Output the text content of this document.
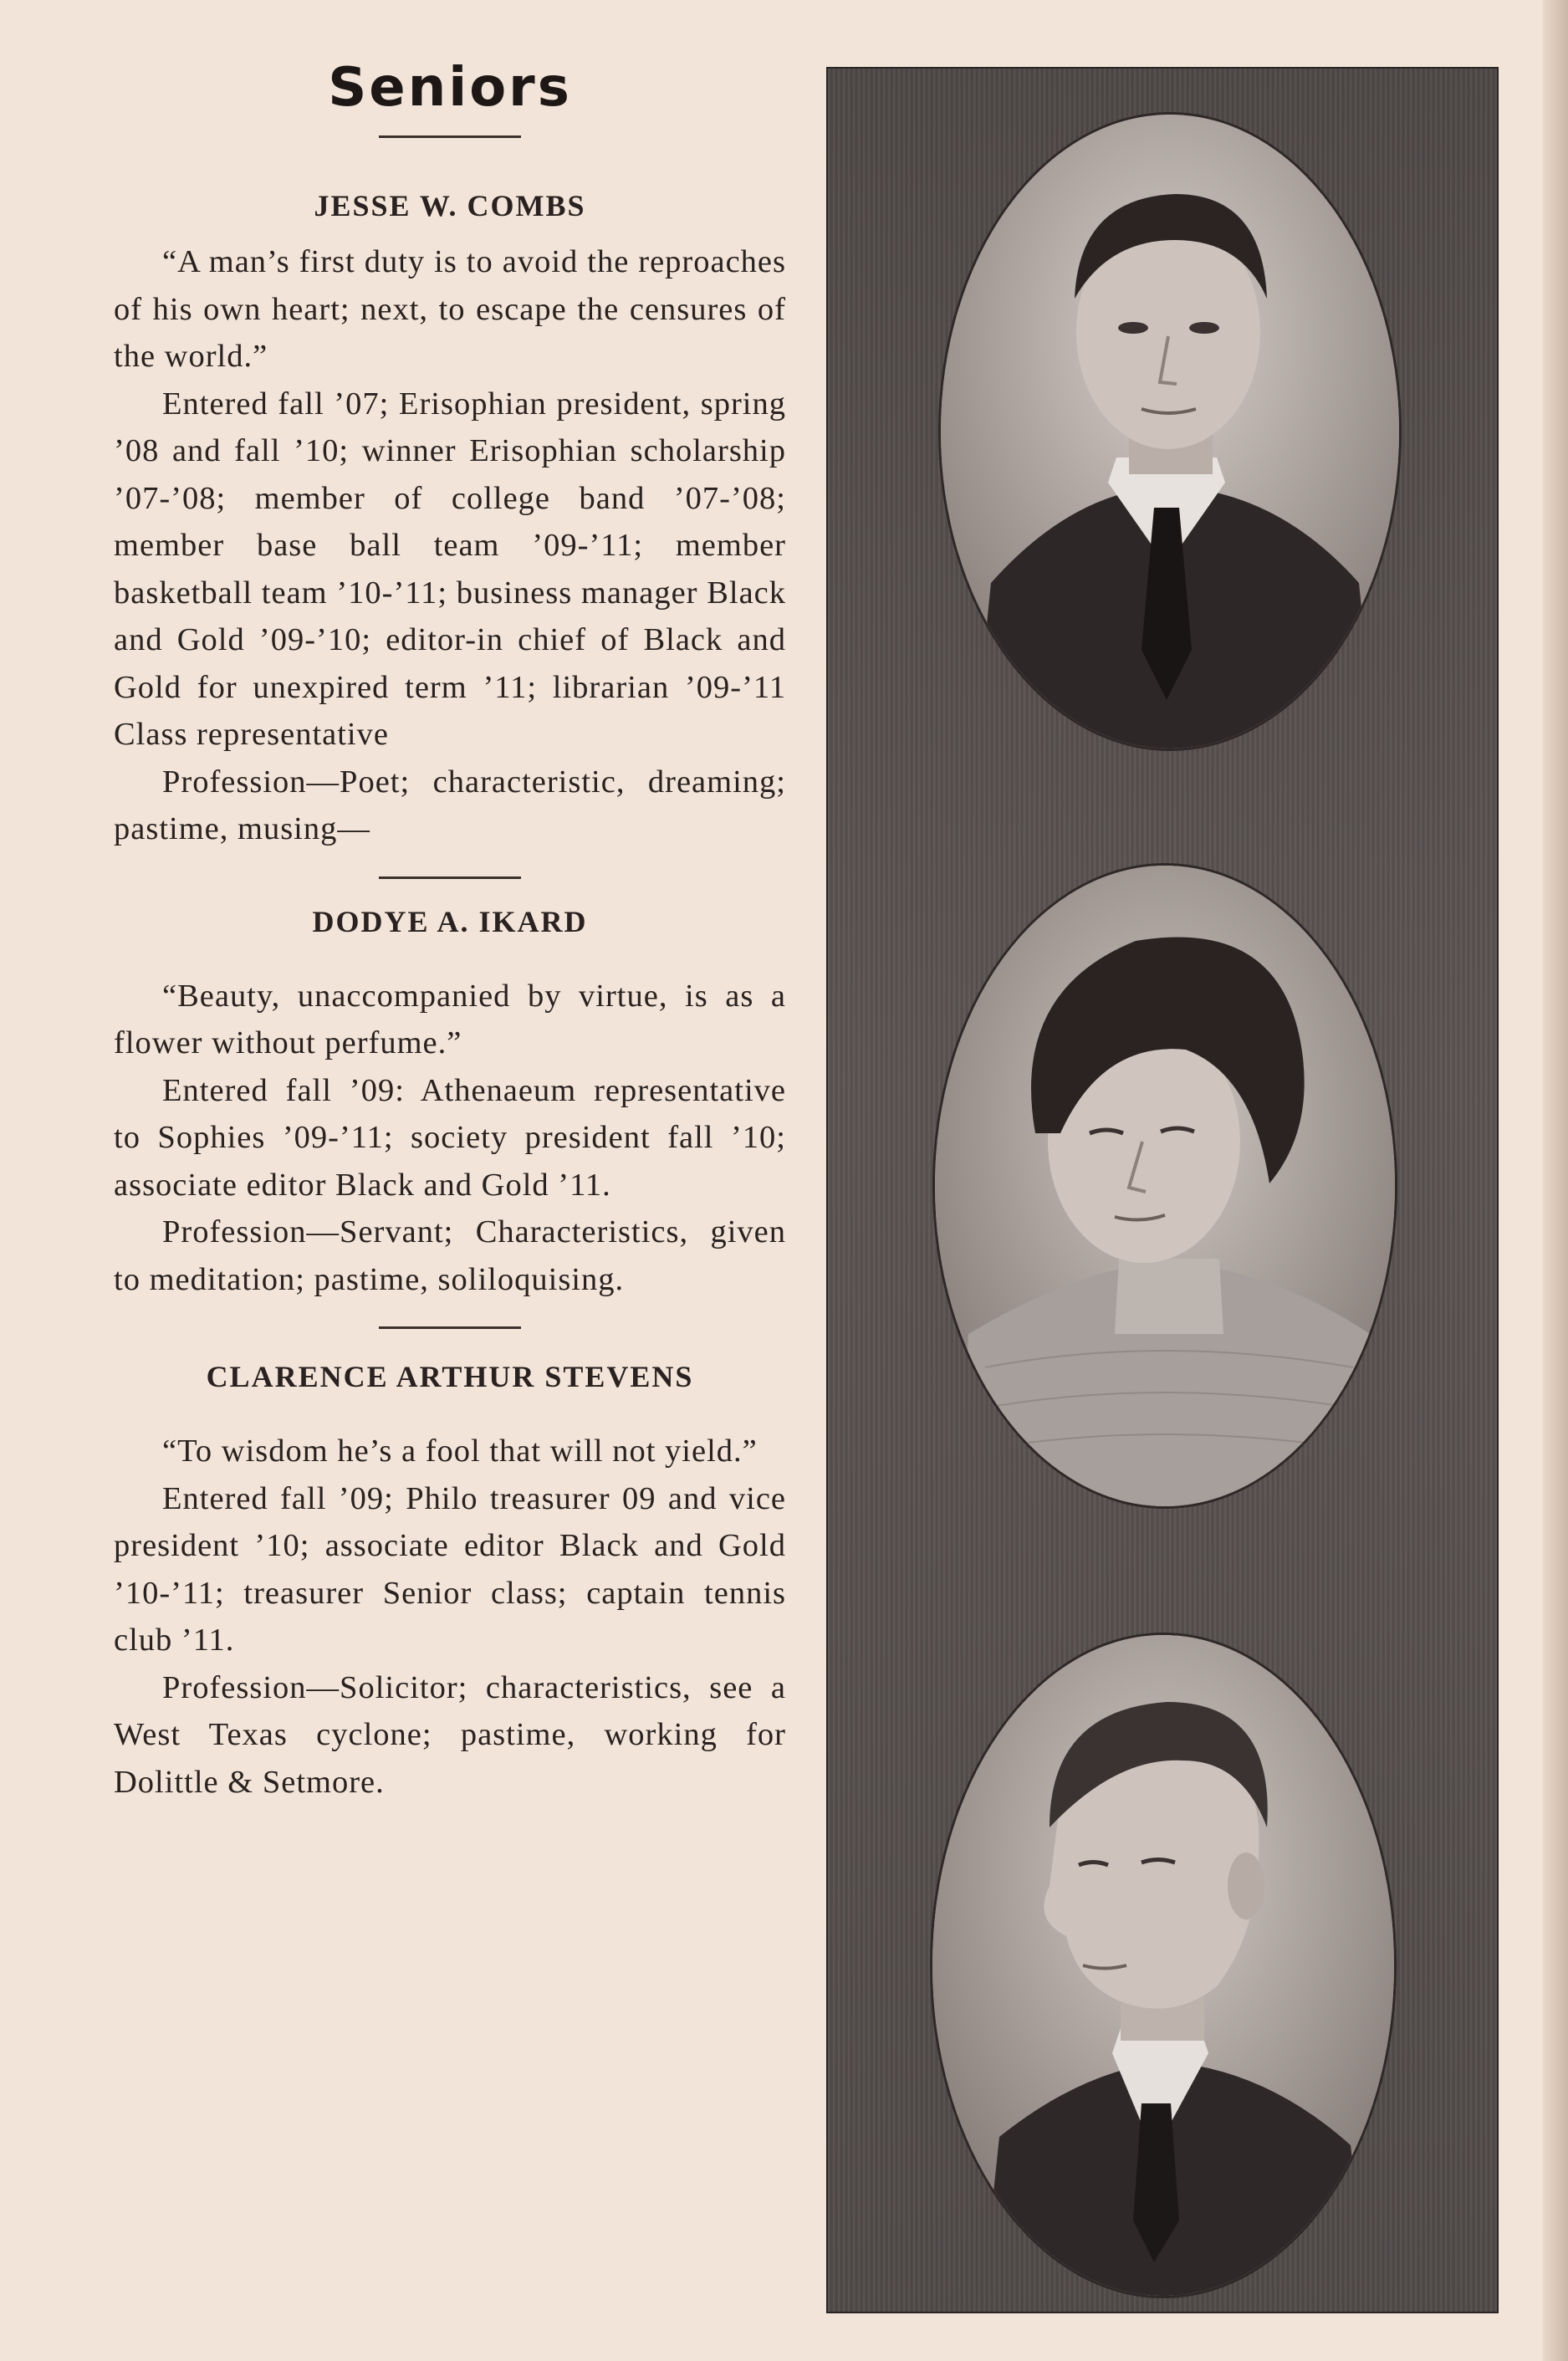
Seniors
JESSE W. COMBS

“A man’s first duty is to avoid the reproaches of his own heart; next, to escape the censures of the world.”

Entered fall ’07; Erisophian president, spring ’08 and fall ’10; winner Erisophian scholarship ’07-’08; member of college band ’07-’08; member base ball team ’09-’11; member basketball team ’10-’11; business manager Black and Gold ’09-’10; editor-in chief of Black and Gold for unexpired term ’11; librarian ’09-’11 Class representative

Profession—Poet; characteristic, dreaming; pastime, musing—

DODYE A. IKARD

“Beauty, unaccompanied by virtue, is as a flower without perfume.”

Entered fall ’09: Athenaeum representative to Sophies ’09-’11; society president fall ’10; associate editor Black and Gold ’11.

Profession—Servant; Characteristics, given to meditation; pastime, soliloquising.

CLARENCE ARTHUR STEVENS

“To wisdom he’s a fool that will not yield.”

Entered fall ’09; Philo treasurer 09 and vice president ’10; associate editor Black and Gold ’10-’11; treasurer Senior class; captain tennis club ’11.

Profession—Solicitor; characteristics, see a West Texas cyclone; pastime, working for Dolittle & Setmore.
